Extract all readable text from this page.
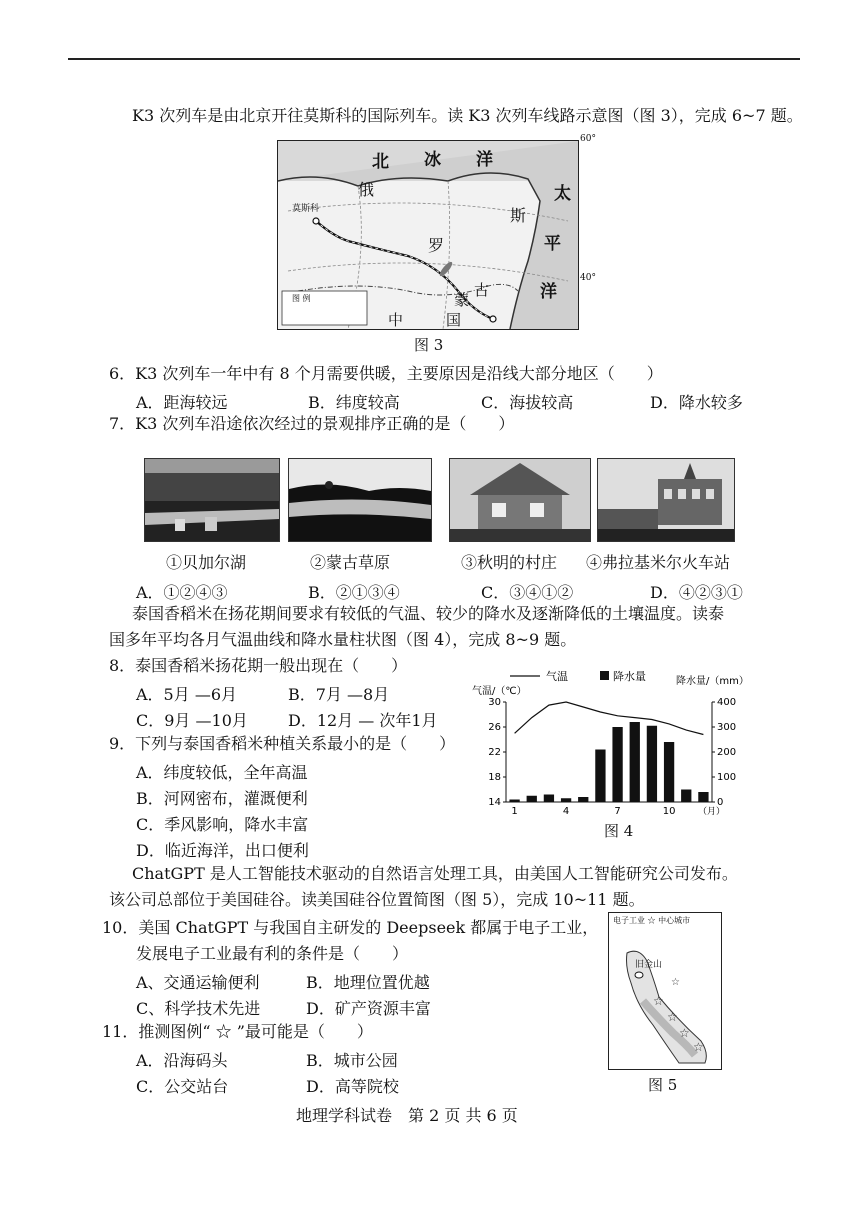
K3 次列车是由北京开往莫斯科的国际列车。读 K3 次列车线路示意图（图 3），完成 6~7 题。
北 冰 洋
太
平
洋
俄
罗
斯
蒙
古
中	国
莫斯科
图 例
60°
40°
图 3
6．K3 次列车一年中有 8 个月需要供暖，主要原因是沿线大部分地区（　　）
A．距海较远	B．纬度较高	C．海拔较高	D．降水较多
7．K3 次列车沿途依次经过的景观排序正确的是（　　）
①贝加尔湖	②蒙古草原	③秋明的村庄 ④弗拉基米尔火车站
A．①②④③	B．②①③④	C．③④①②	D．④②③①
泰国香稻米在扬花期间要求有较低的气温、较少的降水及逐渐降低的土壤温度。读泰
国多年平均各月气温曲线和降水量柱状图（图 4），完成 8~9 题。
8．泰国香稻米扬花期一般出现在（　　）
A．5月 —6月	B．7月 —8月
C．9月 —10月	D．12月 — 次年1月
9．下列与泰国香稻米种植关系最小的是（　　）
A．纬度较低，全年高温
B．河网密布，灌溉便利
C．季风影响，降水丰富
D．临近海洋，出口便利
气温	降水量
气温/（℃）
降水量/（mm）
14
18
22
26
30
0
100
200
300
400
1	4	7	10	（月）
图 4
ChatGPT 是人工智能技术驱动的自然语言处理工具，由美国人工智能研究公司发布。
该公司总部位于美国硅谷。读美国硅谷位置简图（图 5），完成 10~11 题。
10．美国 ChatGPT 与我国自主研发的 Deepseek 都属于电子工业，
发展电子工业最有利的条件是（　　）
A、交通运输便利	B．地理位置优越
C、科学技术先进	D．矿产资源丰富
11．推测图例“ ☆ ”最可能是（　　）
A．沿海码头	B．城市公园
C．公交站台	D．高等院校
电子工业 ☆ 中心城市
☆
☆
☆
☆
☆
旧金山
图 5
地理学科试卷　第 2 页 共 6 页
